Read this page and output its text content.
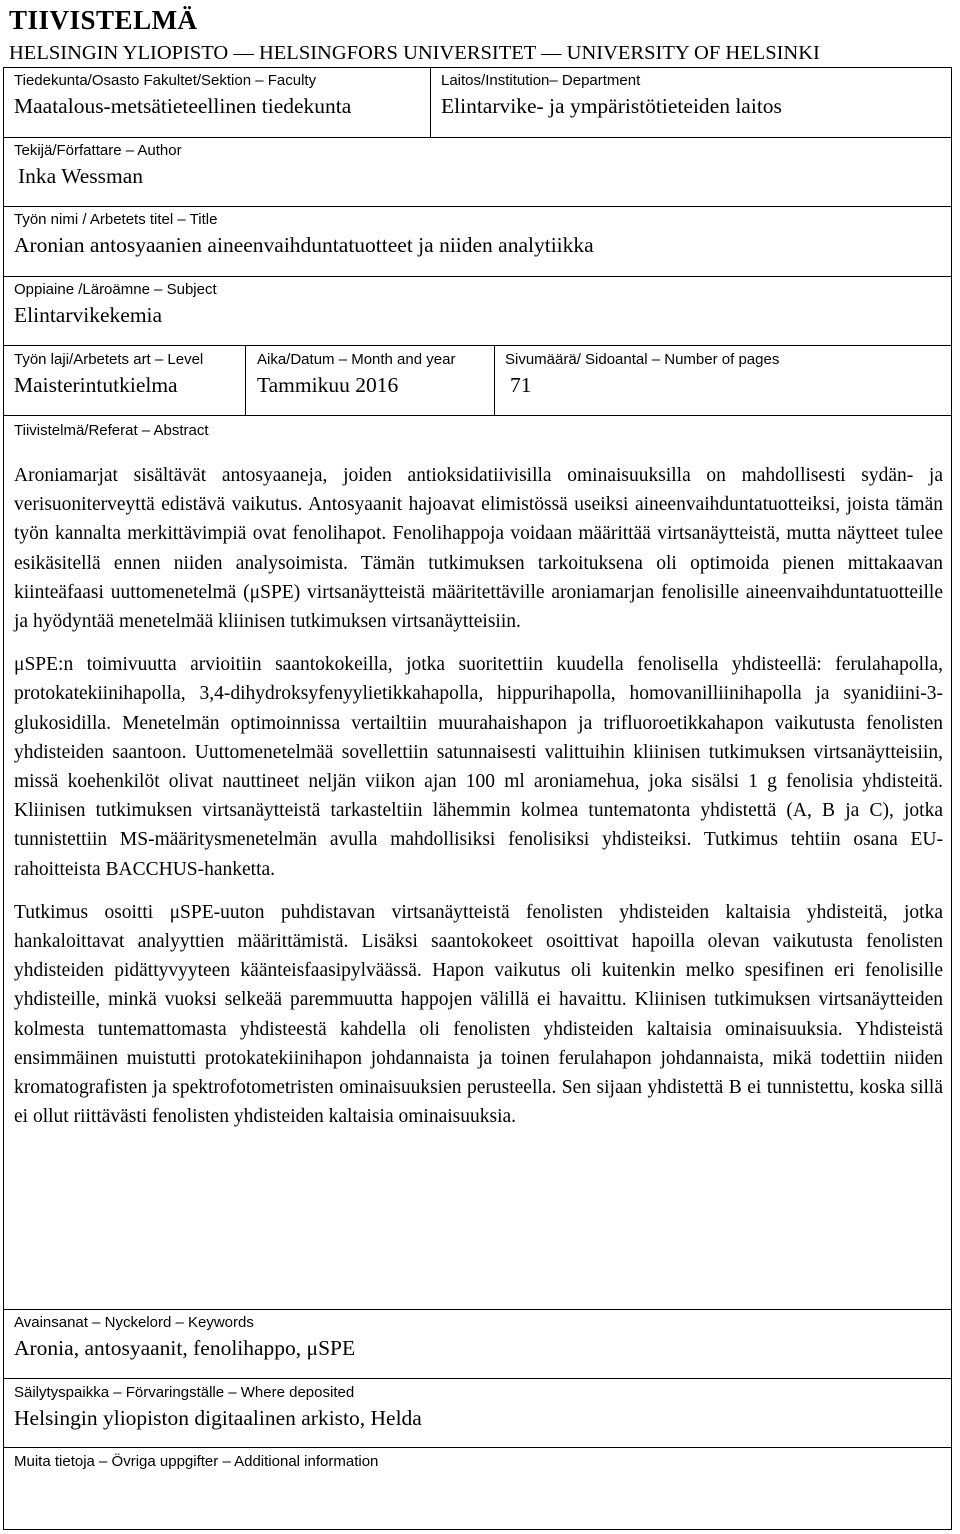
TIIVISTELMÄ
HELSINGIN YLIOPISTO — HELSINGFORS UNIVERSITET — UNIVERSITY OF HELSINKI
Tiedekunta/Osasto Fakultet/Sektion – Faculty
Maatalous-metsätieteellinen tiedekunta
Laitos/Institution– Department
Elintarvike- ja ympäristötieteiden laitos
Tekijä/Författare – Author
Inka Wessman
Työn nimi / Arbetets titel – Title
Aronian antosyaanien aineenvaihduntatuotteet ja niiden analytiikka
Oppiaine /Läroämne – Subject
Elintarvikekemia
Työn laji/Arbetets art – Level
Maisterintutkielma
Aika/Datum – Month and year
Tammikuu 2016
Sivumäärä/ Sidoantal – Number of pages
71
Tiivistelmä/Referat – Abstract

Aroniamarjat sisältävät antosyaaneja, joiden antioksidatiivisilla ominaisuuksilla on mahdollisesti sydän- ja verisuoniterveyttä edistävä vaikutus. Antosyaanit hajoavat elimistössä useiksi aineenvaihduntatuotteiksi, joista tämän työn kannalta merkittävimpiä ovat fenolihapot. Fenolihappoja voidaan määrittää virtsanäytteistä, mutta näytteet tulee esikäsitellä ennen niiden analysoimista. Tämän tutkimuksen tarkoituksena oli optimoida pienen mittakaavan kiinteäfaasi uuttomenetelmä (μSPE) virtsanäytteistä määritettäville aroniamarjan fenolisille aineenvaihduntatuotteille ja hyödyntää menetelmää kliinisen tutkimuksen virtsanäytteisiin.

μSPE:n toimivuutta arvioitiin saantokokeilla, jotka suoritettiin kuudella fenolisella yhdisteellä: ferulahapolla, protokatekiinihapolla, 3,4-dihydroksyfenyylietikkahapolla, hippurihapolla, homovanilliinihapolla ja syanidiini-3-glukosidilla. Menetelmän optimoinnissa vertailtiin muurahaishapon ja trifluoroetikkahapon vaikutusta fenolisten yhdisteiden saantoon. Uuttomenetelmää sovellettiin satunnaisesti valittuihin kliinisen tutkimuksen virtsanäytteisiin, missä koehenkilöt olivat nauttineet neljän viikon ajan 100 ml aroniamehua, joka sisälsi 1 g fenolisia yhdisteitä. Kliinisen tutkimuksen virtsanäytteistä tarkasteltiin lähemmin kolmea tuntematonta yhdistettä (A, B ja C), jotka tunnistettiin MS-määritysmenetelmän avulla mahdollisiksi fenolisiksi yhdisteiksi. Tutkimus tehtiin osana EU-rahoitteista BACCHUS-hanketta.

Tutkimus osoitti μSPE-uuton puhdistavan virtsanäytteistä fenolisten yhdisteiden kaltaisia yhdisteitä, jotka hankaloittavat analyyttien määrittämistä. Lisäksi saantokokeet osoittivat hapoilla olevan vaikutusta fenolisten yhdisteiden pidättyvyyteen käänteisfaasipylväässä. Hapon vaikutus oli kuitenkin melko spesifinen eri fenolisille yhdisteille, minkä vuoksi selkeää paremmuutta happojen välillä ei havaittu. Kliinisen tutkimuksen virtsanäytteiden kolmesta tuntemattomasta yhdisteestä kahdella oli fenolisten yhdisteiden kaltaisia ominaisuuksia. Yhdisteistä ensimmäinen muistutti protokatekiinihapon johdannaista ja toinen ferulahapon johdannaista, mikä todettiin niiden kromatografisten ja spektrofotometristen ominaisuuksien perusteella. Sen sijaan yhdistettä B ei tunnistettu, koska sillä ei ollut riittävästi fenolisten yhdisteiden kaltaisia ominaisuuksia.

Avainsanat – Nyckelord – Keywords
Aronia, antosyaanit, fenolihappo, μSPE
Säilytyspaikka – Förvaringställe – Where deposited
Helsingin yliopiston digitaalinen arkisto, Helda
Muita tietoja – Övriga uppgifter – Additional information
